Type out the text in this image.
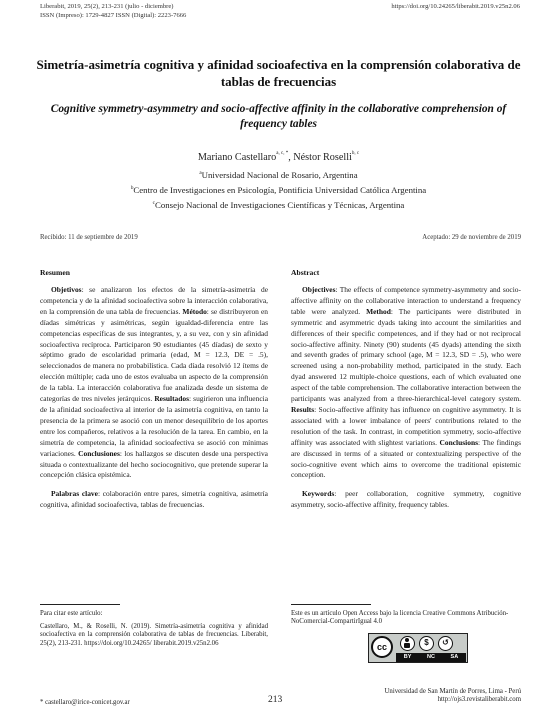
Liberabit, 2019, 25(2), 213-231 (julio - diciembre)
ISSN (Impreso): 1729-4827 ISSN (Digital): 2223-7666
https://doi.org/10.24265/liberabit.2019.v25n2.06
Simetría-asimetría cognitiva y afinidad socioafectiva en la comprensión colaborativa de tablas de frecuencias
Cognitive symmetry-asymmetry and socio-affective affinity in the collaborative comprehension of frequency tables
Mariano Castellaro$^{a, c, *}$, Néstor Roselli$^{b, c}$
$^a$Universidad Nacional de Rosario, Argentina
$^b$Centro de Investigaciones en Psicología, Pontificia Universidad Católica Argentina
$^c$Consejo Nacional de Investigaciones Científicas y Técnicas, Argentina
Recibido: 11 de septiembre de 2019	Aceptado: 29 de noviembre de 2019
Resumen

Objetivos: se analizaron los efectos de la simetría-asimetría de competencia y de la afinidad socioafectiva sobre la interacción colaborativa, en la comprensión de una tabla de frecuencias. Método: se distribuyeron en díadas simétricas y asimétricas, según igualdad-diferencia entre las competencias específicas de sus integrantes, y, a su vez, con y sin afinidad socioafectiva recíproca. Participaron 90 estudiantes (45 díadas) de sexto y séptimo grado de escolaridad primaria (edad, M = 12.3, DE = .5), seleccionados de manera no probabilística. Cada díada resolvió 12 ítems de elección múltiple; cada uno de estos evaluaba un aspecto de la comprensión de la tabla. La interacción colaborativa fue analizada desde un sistema de categorías de tres niveles jerárquicos. Resultados: sugirieron una influencia de la afinidad socioafectiva al interior de la asimetría cognitiva, en tanto la presencia de la primera se asoció con un menor desequilibrio de los aportes entre los compañeros, relativos a la resolución de la tarea. En cambio, en la simetría de competencia, la afinidad socioafectiva se asoció con mínimas variaciones. Conclusiones: los hallazgos se discuten desde una perspectiva situada o contextualizante del hecho sociocognitivo, que pretende superar la concepción clásica epistémica.

Palabras clave: colaboración entre pares, simetría cognitiva, asimetría cognitiva, afinidad socioafectiva, tablas de frecuencias.

Abstract

Objectives: The effects of competence symmetry-asymmetry and socio-affective affinity on the collaborative interaction to understand a frequency table were analyzed. Method: The participants were distributed in symmetric and asymmetric dyads taking into account the similarities and differences of their specific competences, and if they had or not reciprocal socio-affective affinity. Ninety (90) students (45 dyads) attending the sixth and seventh grades of primary school (age, M = 12.3, SD = .5), who were screened using a non-probability method, participated in the study. Each dyad answered 12 multiple-choice questions, each of which evaluated one aspect of the table comprehension. The collaborative interaction between the participants was analyzed from a three-hierarchical-level category system. Results: Socio-affective affinity has influence on cognitive asymmetry. It is associated with a lower imbalance of peers' contributions related to the resolution of the task. In contrast, in competition symmetry, socio-affective affinity was associated with slightest variations. Conclusions: The findings are discussed in terms of a situated or contextualizing perspective of the socio-cognitive event which aims to overcome the traditional epistemic conception.

Keywords: peer collaboration, cognitive symmetry, cognitive asymmetry, socio-affective affinity, frequency tables.

Para citar este artículo:
Castellaro, M., & Roselli, N. (2019). Simetría-asimetría cognitiva y afinidad socioafectiva en la comprensión colaborativa de tablas de frecuencias. Liberabit, 25(2), 213-231. https://doi.org/10.24265/ liberabit.2019.v25n2.06
Este es un artículo Open Access bajo la licencia Creative Commons Atribución-NoComercial-CompartirIgual 4.0
cc	$	↺
BY	NC	SA
* castellaro@irice-conicet.gov.ar	213
Universidad de San Martín de Porres, Lima - Perú
http://ojs3.revistaliberabit.com
